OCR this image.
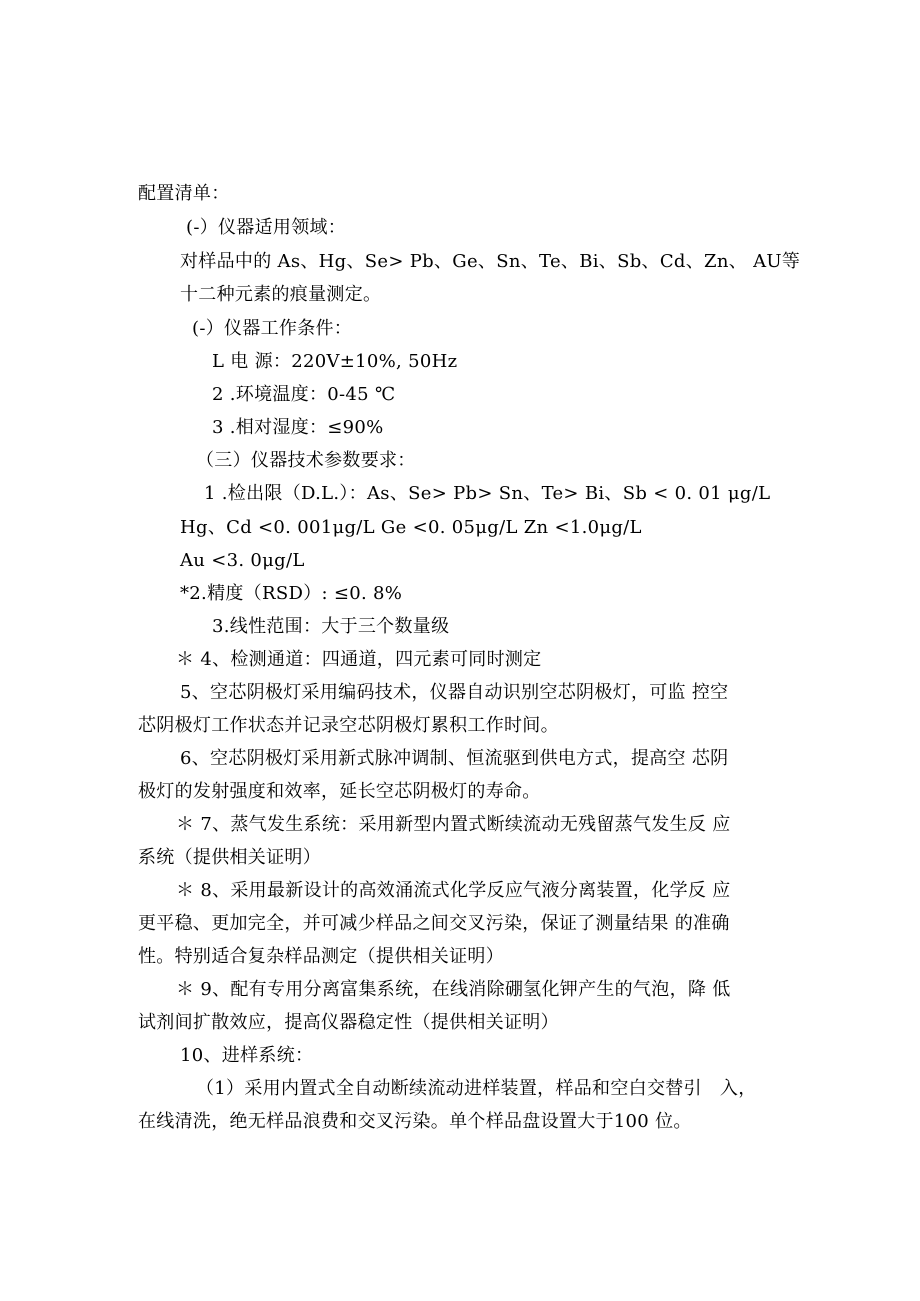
配置清单：
(-）仪器适用领域：
对样品中的 As、Hg、Se> Pb、Ge、Sn、Te、Bi、Sb、Cd、Zn、 AU等
十二种元素的痕量测定。
(-）仪器工作条件：
L 电 源：220V±10%, 50Hz
2 .环境温度：0-45 ℃
3 .相对湿度：≤90%
（三）仪器技术参数要求：
1 .检出限（D.L.）：As、Se> Pb> Sn、Te> Bi、Sb < 0. 01 μg/L
Hg、Cd <0. 001μg/L Ge <0. 05μg/L Zn <1.0μg/L
Au <3. 0μg/L
*2.精度（RSD）: ≤0. 8%
3.线性范围：大于三个数量级
＊ 4、检测通道：四通道，四元素可同时测定
5、空芯阴极灯采用编码技术，仪器自动识别空芯阴极灯，可监 控空
芯阴极灯工作状态并记录空芯阴极灯累积工作时间。
6、空芯阴极灯采用新式脉冲调制、恒流驱到供电方式，提高空 芯阴
极灯的发射强度和效率，延长空芯阴极灯的寿命。
＊ 7、蒸气发生系统：采用新型内置式断续流动无残留蒸气发生反 应
系统（提供相关证明）
＊ 8、采用最新设计的高效涌流式化学反应气液分离装置，化学反 应
更平稳、更加完全，并可减少样品之间交叉污染，保证了测量结果 的准确
性。特别适合复杂样品测定（提供相关证明）
＊ 9、配有专用分离富集系统，在线消除硼氢化钾产生的气泡，降 低
试剂间扩散效应，提高仪器稳定性（提供相关证明）
10、进样系统：
（1）采用内置式全自动断续流动进样装置，样品和空白交替引   入，
在线清洗，绝无样品浪费和交叉污染。单个样品盘设置大于100 位。
